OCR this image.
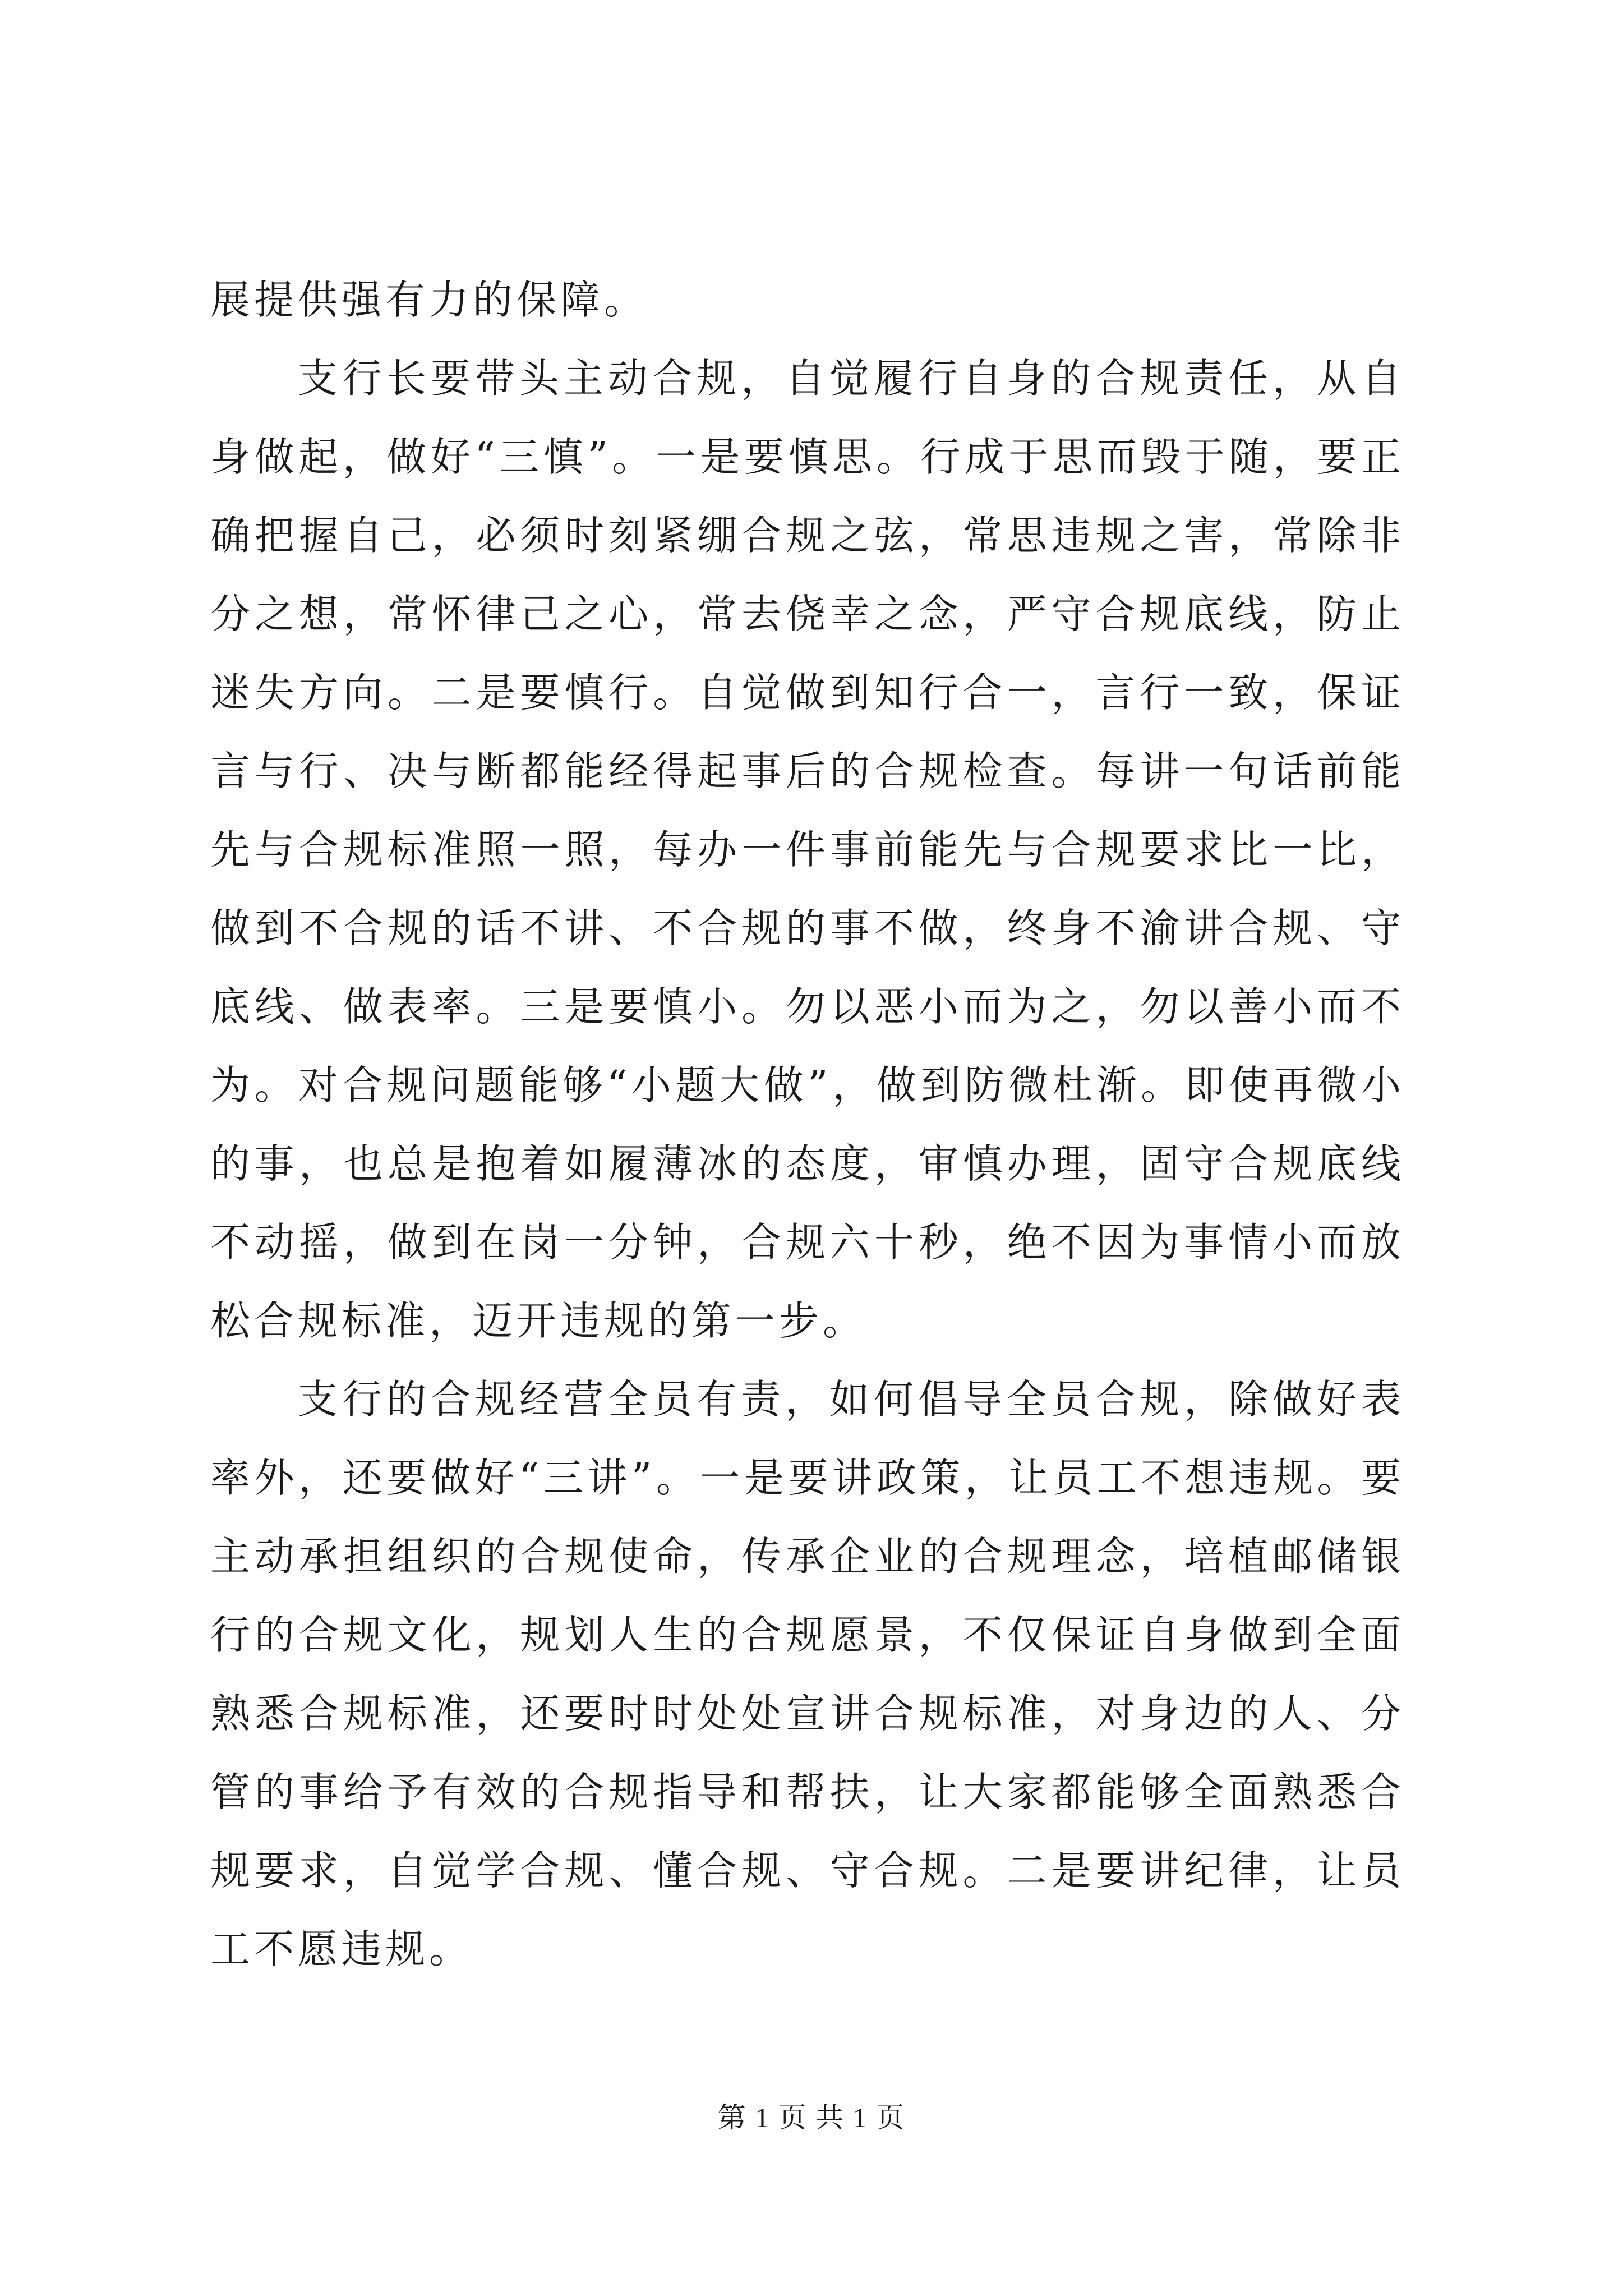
展提供强有力的保障。

支行长要带头主动合规，自觉履行自身的合规责任，从自身做起，做好“三慎”。一是要慎思。行成于思而毁于随，要正确把握自己，必须时刻紧绷合规之弦，常思违规之害，常除非分之想，常怀律己之心，常去侥幸之念，严守合规底线，防止迷失方向。二是要慎行。自觉做到知行合一，言行一致，保证言与行、决与断都能经得起事后的合规检查。每讲一句话前能先与合规标准照一照，每办一件事前能先与合规要求比一比，做到不合规的话不讲、不合规的事不做，终身不渝讲合规、守底线、做表率。三是要慎小。勿以恶小而为之，勿以善小而不为。对合规问题能够“小题大做”，做到防微杜渐。即使再微小的事，也总是抱着如履薄冰的态度，审慎办理，固守合规底线不动摇，做到在岗一分钟，合规六十秒，绝不因为事情小而放松合规标准，迈开违规的第一步。

支行的合规经营全员有责，如何倡导全员合规，除做好表率外，还要做好“三讲”。一是要讲政策，让员工不想违规。要主动承担组织的合规使命，传承企业的合规理念，培植邮储银行的合规文化，规划人生的合规愿景，不仅保证自身做到全面熟悉合规标准，还要时时处处宣讲合规标准，对身边的人、分管的事给予有效的合规指导和帮扶，让大家都能够全面熟悉合规要求，自觉学合规、懂合规、守合规。二是要讲纪律，让员工不愿违规。

第 1 页 共 1 页
